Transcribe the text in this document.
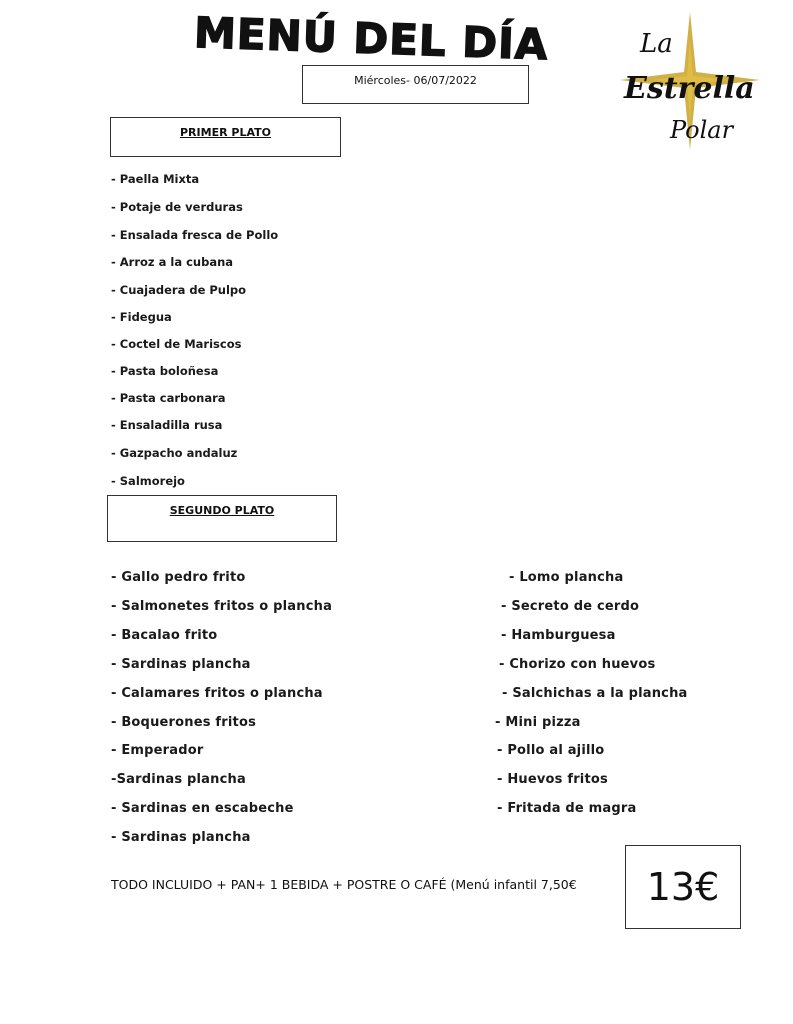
MENÚ DEL DÍA
Miércoles- 06/07/2022
La
Estrella
Polar
PRIMER PLATO
- Paella Mixta
- Potaje de verduras
- Ensalada fresca de Pollo
- Arroz a la cubana
- Cuajadera de Pulpo
- Fidegua
- Coctel de Mariscos
- Pasta boloñesa
- Pasta carbonara
- Ensaladilla rusa
- Gazpacho andaluz
- Salmorejo
SEGUNDO PLATO
- Gallo pedro frito
- Salmonetes fritos o plancha
- Bacalao frito
- Sardinas plancha
- Calamares fritos o plancha
- Boquerones fritos
- Emperador
-Sardinas plancha
- Sardinas en escabeche
- Sardinas plancha
- Lomo plancha
- Secreto de cerdo
- Hamburguesa
- Chorizo con huevos
- Salchichas a la plancha
- Mini pizza
- Pollo al ajillo
- Huevos fritos
- Fritada de magra
TODO INCLUIDO + PAN+ 1 BEBIDA + POSTRE O CAFÉ (Menú infantil 7,50€ 13€
